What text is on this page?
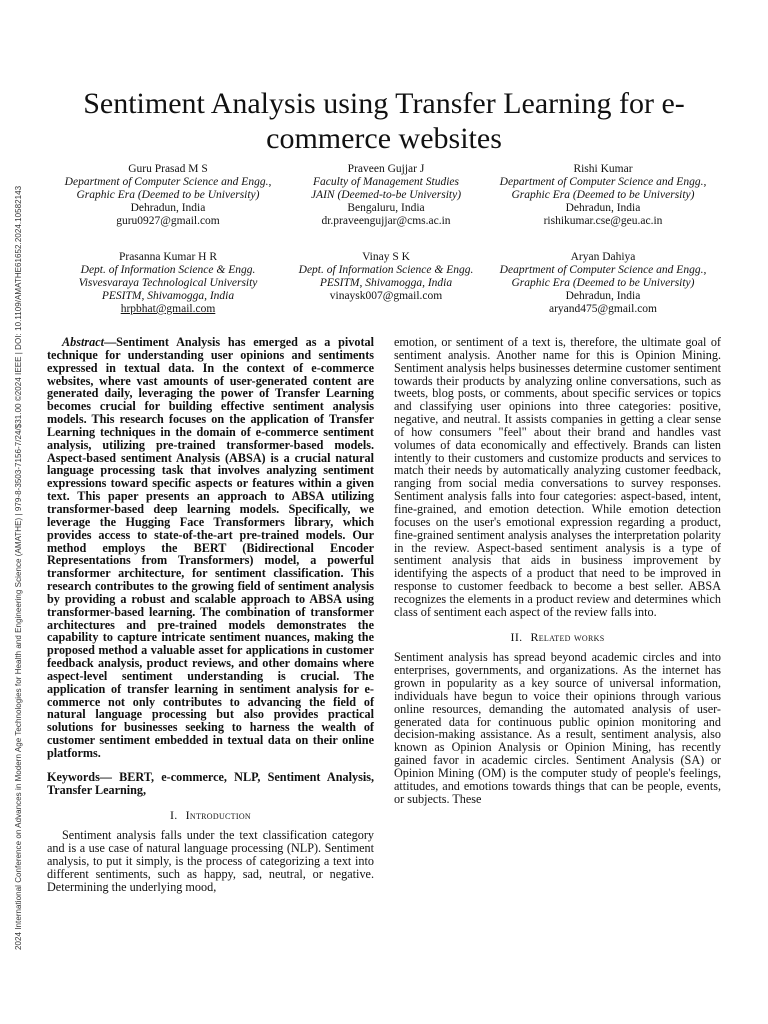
2024 International Conference on Advances in Modern Age Technologies for Health and Engineering Science (AMATHE) | 979-8-3503-7156-7/24/$31.00 ©2024 IEEE | DOI: 10.1109/AMATHE61652.2024.10582143
Sentiment Analysis using Transfer Learning for e-commerce websites
Guru Prasad M S
Department of Computer Science and Engg.,
Graphic Era (Deemed to be University)
Dehradun, India
guru0927@gmail.com
Praveen Gujjar J
Faculty of Management Studies
JAIN (Deemed-to-be University)
Bengaluru, India
dr.praveengujjar@cms.ac.in
Rishi Kumar
Department of Computer Science and Engg.,
Graphic Era (Deemed to be University)
Dehradun, India
rishikumar.cse@geu.ac.in
Prasanna Kumar H R
Dept. of Information Science & Engg.
Visvesvaraya Technological University
PESITM, Shivamogga, India
hrpbhat@gmail.com
Vinay S K
Dept. of Information Science & Engg.
PESITM, Shivamogga, India
vinaysk007@gmail.com
Aryan Dahiya
Deaprtment of Computer Science and Engg.,
Graphic Era (Deemed to be University)
Dehradun, India
aryand475@gmail.com

Abstract—Sentiment Analysis has emerged as a pivotal technique for understanding user opinions and sentiments expressed in textual data. In the context of e-commerce websites, where vast amounts of user-generated content are generated daily, leveraging the power of Transfer Learning becomes crucial for building effective sentiment analysis models. This research focuses on the application of Transfer Learning techniques in the domain of e-commerce sentiment analysis, utilizing pre-trained transformer-based models. Aspect-based sentiment Analysis (ABSA) is a crucial natural language processing task that involves analyzing sentiment expressions toward specific aspects or features within a given text. This paper presents an approach to ABSA utilizing transformer-based deep learning models. Specifically, we leverage the Hugging Face Transformers library, which provides access to state-of-the-art pre-trained models. Our method employs the BERT (Bidirectional Encoder Representations from Transformers) model, a powerful transformer architecture, for sentiment classification. This research contributes to the growing field of sentiment analysis by providing a robust and scalable approach to ABSA using transformer-based learning. The combination of transformer architectures and pre-trained models demonstrates the capability to capture intricate sentiment nuances, making the proposed method a valuable asset for applications in customer feedback analysis, product reviews, and other domains where aspect-level sentiment understanding is crucial. The application of transfer learning in sentiment analysis for e-commerce not only contributes to advancing the field of natural language processing but also provides practical solutions for businesses seeking to harness the wealth of customer sentiment embedded in textual data on their online platforms.

Keywords— BERT, e-commerce, NLP, Sentiment Analysis, Transfer Learning,

I. Introduction

Sentiment analysis falls under the text classification category and is a use case of natural language processing (NLP). Sentiment analysis, to put it simply, is the process of categorizing a text into different sentiments, such as happy, sad, neutral, or negative. Determining the underlying mood,

emotion, or sentiment of a text is, therefore, the ultimate goal of sentiment analysis. Another name for this is Opinion Mining. Sentiment analysis helps businesses determine customer sentiment towards their products by analyzing online conversations, such as tweets, blog posts, or comments, about specific services or topics and classifying user opinions into three categories: positive, negative, and neutral. It assists companies in getting a clear sense of how consumers "feel" about their brand and handles vast volumes of data economically and effectively. Brands can listen intently to their customers and customize products and services to match their needs by automatically analyzing customer feedback, ranging from social media conversations to survey responses. Sentiment analysis falls into four categories: aspect-based, intent, fine-grained, and emotion detection. While emotion detection focuses on the user's emotional expression regarding a product, fine-grained sentiment analysis analyses the interpretation polarity in the review. Aspect-based sentiment analysis is a type of sentiment analysis that aids in business improvement by identifying the aspects of a product that need to be improved in response to customer feedback to become a best seller. ABSA recognizes the elements in a product review and determines which class of sentiment each aspect of the review falls into.

II. Related works

Sentiment analysis has spread beyond academic circles and into enterprises, governments, and organizations. As the internet has grown in popularity as a key source of universal information, individuals have begun to voice their opinions through various online resources, demanding the automated analysis of user-generated data for continuous public opinion monitoring and decision-making assistance. As a result, sentiment analysis, also known as Opinion Analysis or Opinion Mining, has recently gained favor in academic circles. Sentiment Analysis (SA) or Opinion Mining (OM) is the computer study of people's feelings, attitudes, and emotions towards things that can be people, events, or subjects. These
